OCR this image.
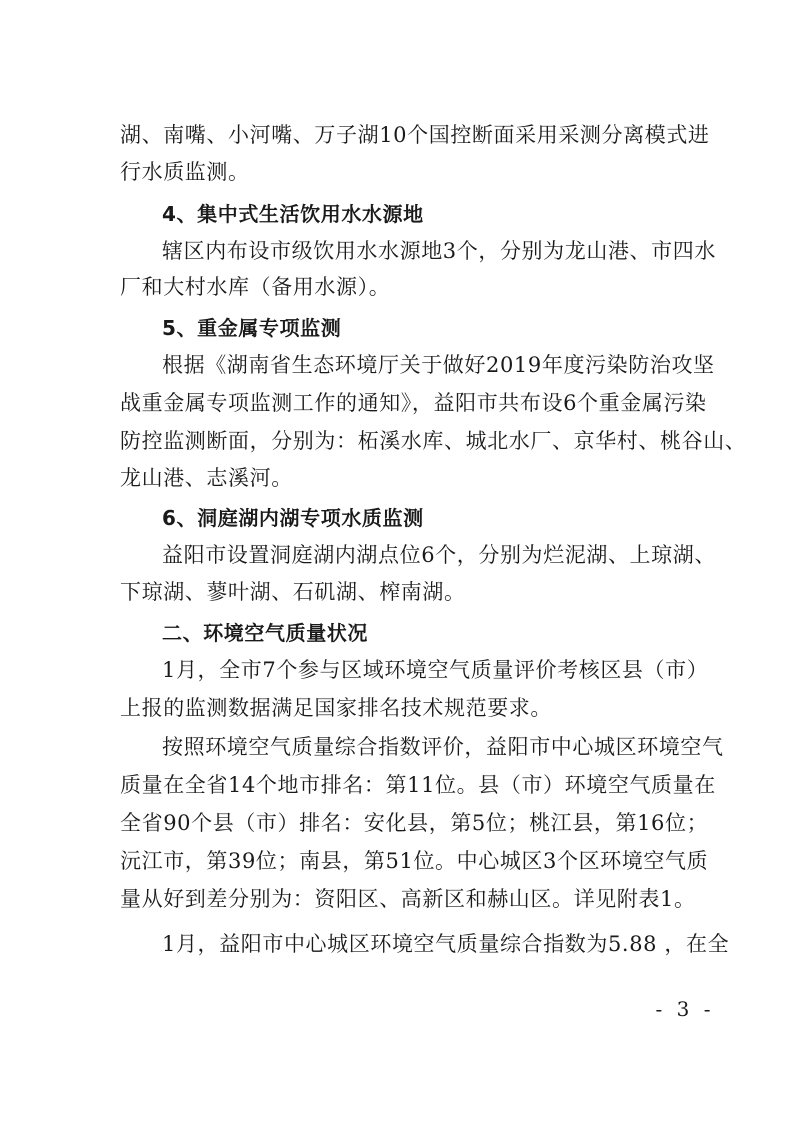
湖、南嘴、小河嘴、万子湖10个国控断面采用采测分离模式进
行水质监测。
4、集中式生活饮用水水源地
辖区内布设市级饮用水水源地3个，分别为龙山港、市四水
厂和大村水库（备用水源）。
5、重金属专项监测
根据《湖南省生态环境厅关于做好2019年度污染防治攻坚
战重金属专项监测工作的通知》，益阳市共布设6个重金属污染
防控监测断面，分别为：柘溪水库、城北水厂、京华村、桃谷山、
龙山港、志溪河。
6、洞庭湖内湖专项水质监测
益阳市设置洞庭湖内湖点位6个，分别为烂泥湖、上琼湖、
下琼湖、蓼叶湖、石矶湖、榨南湖。
二、环境空气质量状况
1月，全市7个参与区域环境空气质量评价考核区县（市）
上报的监测数据满足国家排名技术规范要求。
按照环境空气质量综合指数评价，益阳市中心城区环境空气
质量在全省14个地市排名：第11位。县（市）环境空气质量在
全省90个县（市）排名：安化县，第5位；桃江县，第16位；
沅江市，第39位；南县，第51位。中心城区3个区环境空气质
量从好到差分别为：资阳区、高新区和赫山区。详见附表1。
1月，益阳市中心城区环境空气质量综合指数为5.88 ，在全
- 3 -
